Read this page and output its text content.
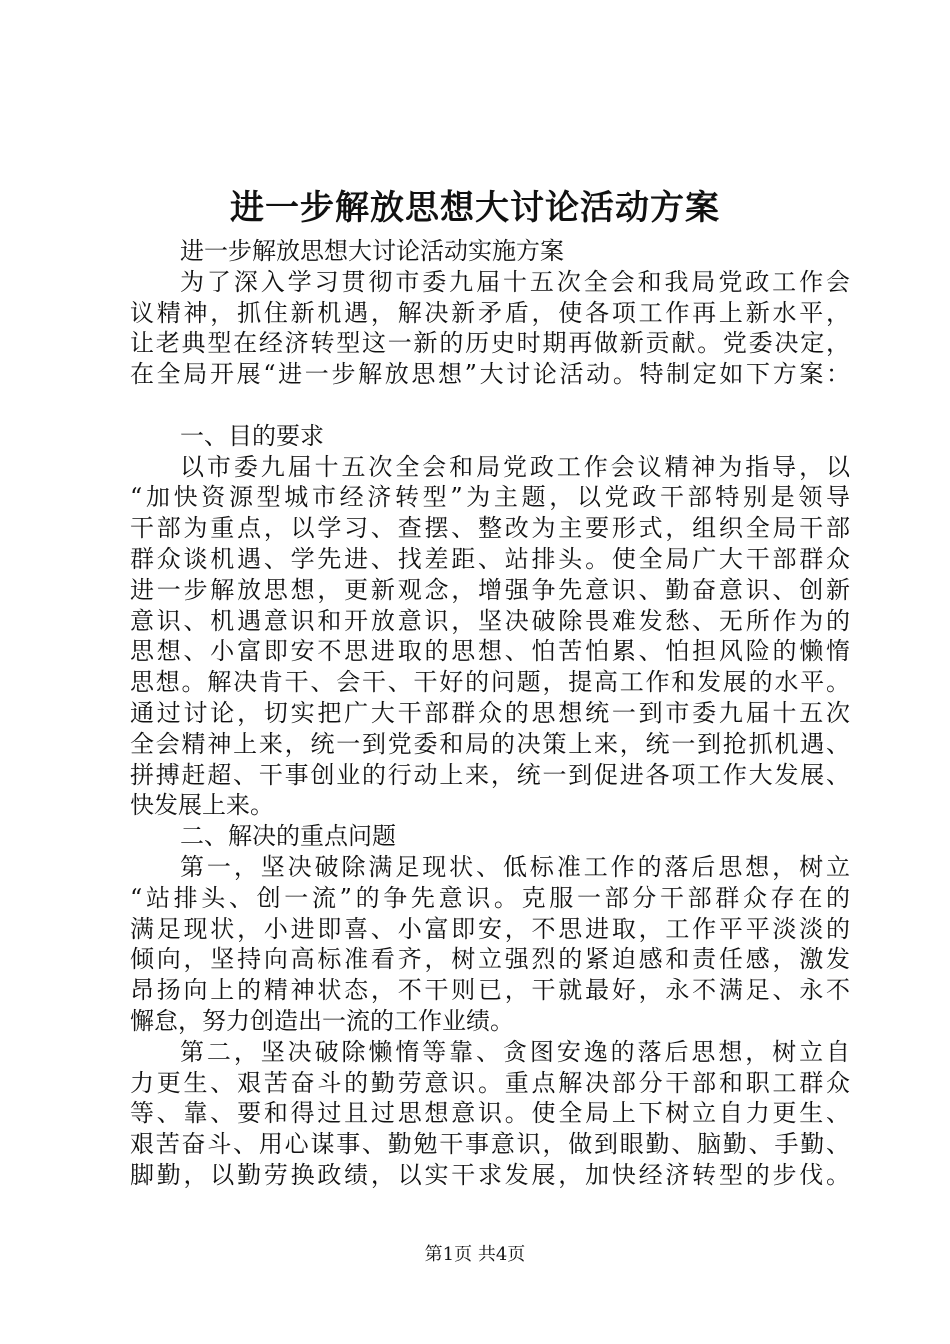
进一步解放思想大讨论活动方案
进一步解放思想大讨论活动实施方案
为了深入学习贯彻市委九届十五次全会和我局党政工作会
议精神，抓住新机遇，解决新矛盾，使各项工作再上新水平，
让老典型在经济转型这一新的历史时期再做新贡献。党委决定，
在全局开展“进一步解放思想”大讨论活动。特制定如下方案：
一、目的要求
以市委九届十五次全会和局党政工作会议精神为指导，以
“加快资源型城市经济转型”为主题，以党政干部特别是领导
干部为重点，以学习、查摆、整改为主要形式，组织全局干部
群众谈机遇、学先进、找差距、站排头。使全局广大干部群众
进一步解放思想，更新观念，增强争先意识、勤奋意识、创新
意识、机遇意识和开放意识，坚决破除畏难发愁、无所作为的
思想、小富即安不思进取的思想、怕苦怕累、怕担风险的懒惰
思想。解决肯干、会干、干好的问题，提高工作和发展的水平。
通过讨论，切实把广大干部群众的思想统一到市委九届十五次
全会精神上来，统一到党委和局的决策上来，统一到抢抓机遇、
拼搏赶超、干事创业的行动上来，统一到促进各项工作大发展、
快发展上来。
二、解决的重点问题
第一，坚决破除满足现状、低标准工作的落后思想，树立
“站排头、创一流”的争先意识。克服一部分干部群众存在的
满足现状，小进即喜、小富即安，不思进取，工作平平淡淡的
倾向，坚持向高标准看齐，树立强烈的紧迫感和责任感，激发
昂扬向上的精神状态，不干则已，干就最好，永不满足、永不
懈怠，努力创造出一流的工作业绩。
第二，坚决破除懒惰等靠、贪图安逸的落后思想，树立自
力更生、艰苦奋斗的勤劳意识。重点解决部分干部和职工群众
等、靠、要和得过且过思想意识。使全局上下树立自力更生、
艰苦奋斗、用心谋事、勤勉干事意识，做到眼勤、脑勤、手勤、
脚勤，以勤劳换政绩，以实干求发展，加快经济转型的步伐。
第1页 共4页
